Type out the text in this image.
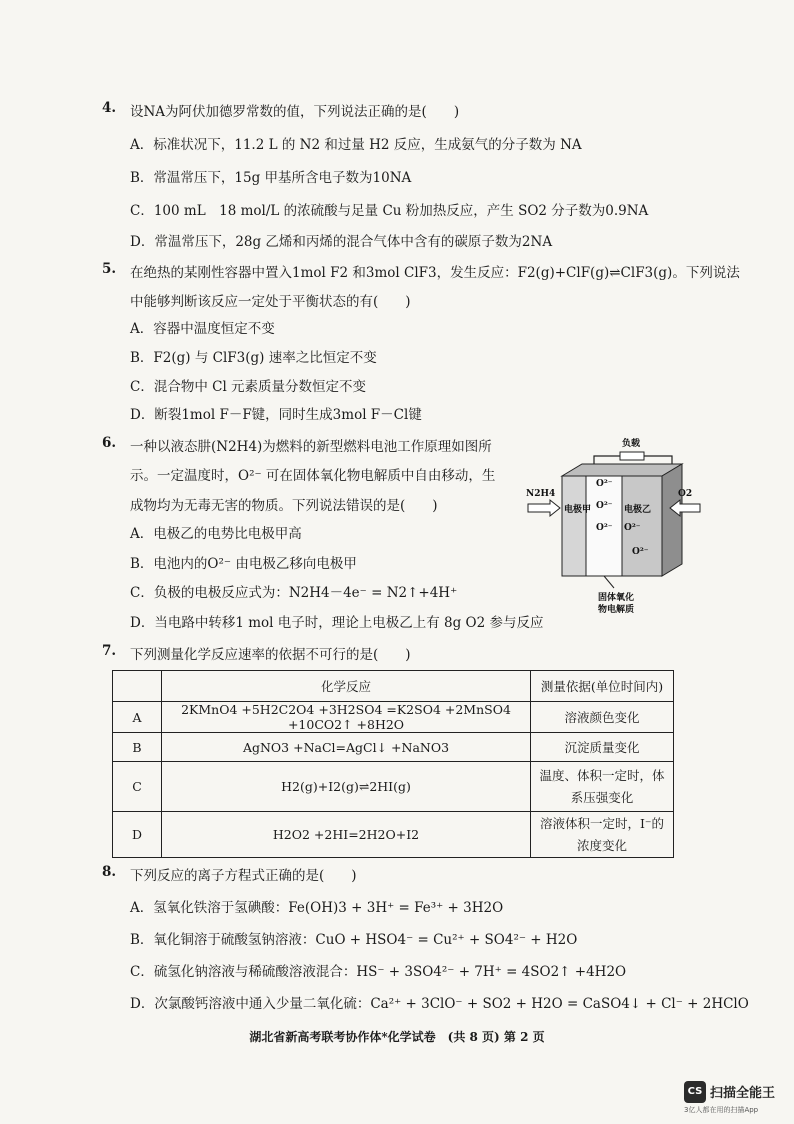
4. 设NA为阿伏加德罗常数的值，下列说法正确的是(　　)
A．标准状况下，11.2 L 的 N2 和过量 H2 反应，生成氨气的分子数为 NA
B．常温常压下，15g 甲基所含电子数为10NA
C．100 mL　18 mol/L 的浓硫酸与足量 Cu 粉加热反应，产生 SO2 分子数为0.9NA
D．常温常压下，28g 乙烯和丙烯的混合气体中含有的碳原子数为2NA
5. 在绝热的某刚性容器中置入1mol F2 和3mol ClF3，发生反应：F2(g)+ClF(g)⇌ClF3(g)。下列说法
中能够判断该反应一定处于平衡状态的有(　　)
A．容器中温度恒定不变
B．F2(g) 与 ClF3(g) 速率之比恒定不变
C．混合物中 Cl 元素质量分数恒定不变
D．断裂1mol F－F键，同时生成3mol F－Cl键
6. 一种以液态肼(N2H4)为燃料的新型燃料电池工作原理如图所
示。一定温度时，O²⁻ 可在固体氧化物电解质中自由移动，生
成物均为无毒无害的物质。下列说法错误的是(　　)
A．电极乙的电势比电极甲高
B．电池内的O²⁻ 由电极乙移向电极甲
C．负极的电极反应式为：N2H4－4e⁻ = N2↑+4H⁺
D．当电路中转移1 mol 电子时，理论上电极乙上有 8g O2 参与反应
负载
电极甲	电极乙
O²⁻
O²⁻
O²⁻ O²⁻
O²⁻
N2H4	O2
固体氧化
物电解质
7. 下列测量化学反应速率的依据不可行的是(　　)
	化学反应	测量依据(单位时间内)
A	2KMnO4 +5H2C2O4 +3H2SO4 =K2SO4 +2MnSO4 +10CO2↑ +8H2O	溶液颜色变化
B	AgNO3 +NaCl=AgCl↓ +NaNO3	沉淀质量变化
C	H2(g)+I2(g)⇌2HI(g)	温度、体积一定时，体系压强变化
D	H2O2 +2HI=2H2O+I2	溶液体积一定时，I⁻的浓度变化
8. 下列反应的离子方程式正确的是(　　)
A．氢氧化铁溶于氢碘酸：Fe(OH)3 + 3H⁺ = Fe³⁺ + 3H2O
B．氧化铜溶于硫酸氢钠溶液：CuO + HSO4⁻ = Cu²⁺ + SO4²⁻ + H2O
C．硫氢化钠溶液与稀硫酸溶液混合：HS⁻ + 3SO4²⁻ + 7H⁺ = 4SO2↑ +4H2O
D．次氯酸钙溶液中通入少量二氧化硫：Ca²⁺ + 3ClO⁻ + SO2 + H2O = CaSO4↓ + Cl⁻ + 2HClO
湖北省新高考联考协作体*化学试卷　(共 8 页) 第 2 页
CS 扫描全能王
3亿人都在用的扫描App
